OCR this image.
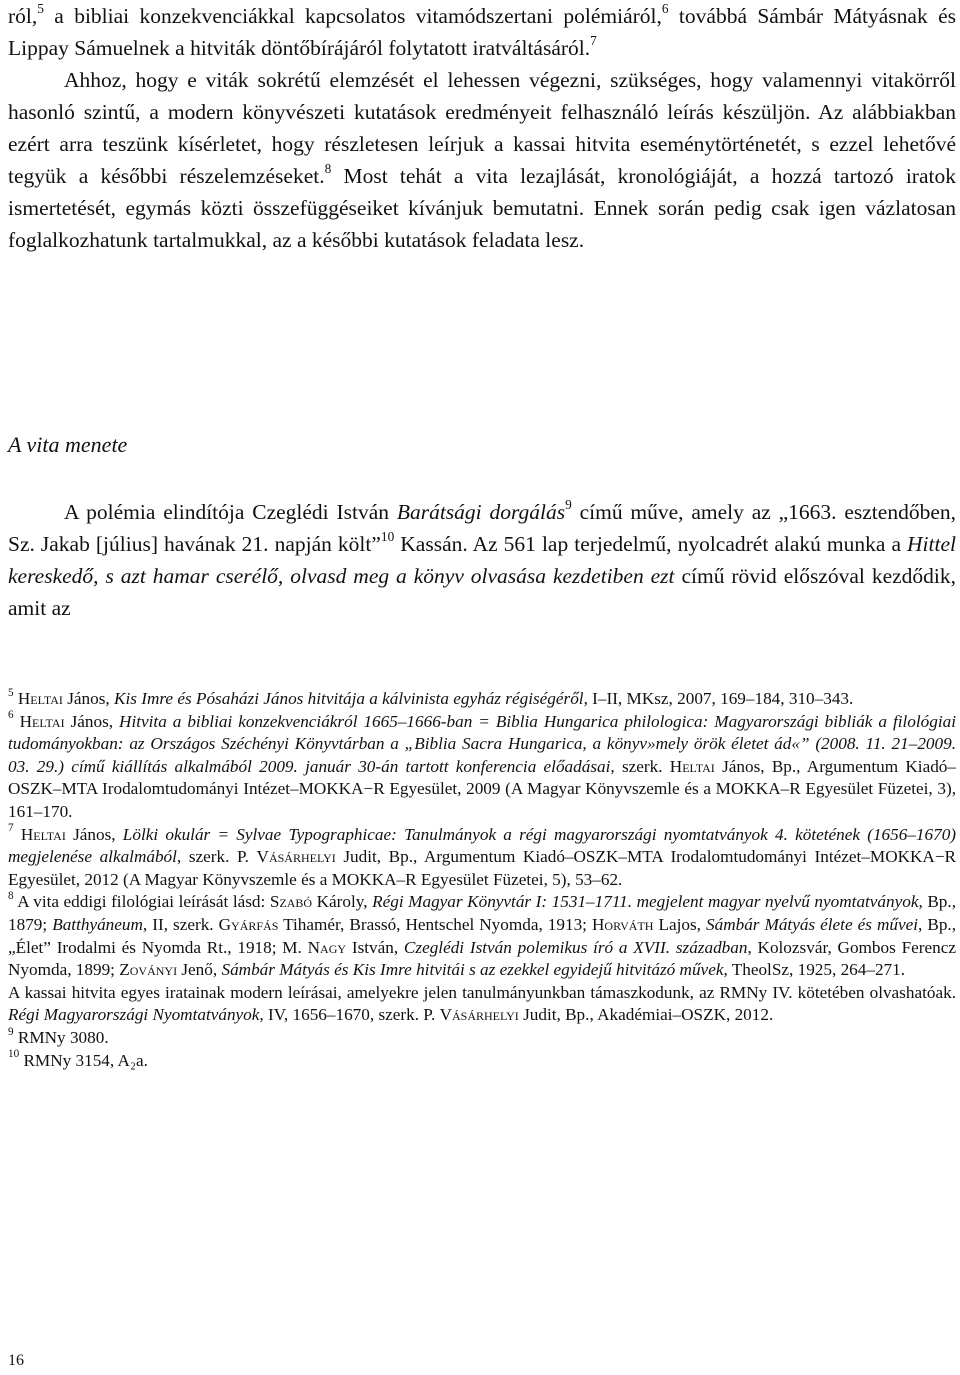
ról,$^5$ a bibliai konzekvenciákkal kapcsolatos vitamódszertani polémiáról,$^6$ továbbá Sámbár Mátyásnak és Lippay Sámuelnek a hitviták döntőbírájáról folytatott iratváltásáról.$^7$

Ahhoz, hogy e viták sokrétű elemzését el lehessen végezni, szükséges, hogy valamennyi vitakörről hasonló szintű, a modern könyvészeti kutatások eredményeit felhasználó leírás készüljön. Az alábbiakban ezért arra teszünk kísérletet, hogy részletesen leírjuk a kassai hitvita eseménytörténetét, s ezzel lehetővé tegyük a későbbi részelemzéseket.$^8$ Most tehát a vita lezajlását, kronológiáját, a hozzá tartozó iratok ismertetését, egymás közti összefüggéseiket kívánjuk bemutatni. Ennek során pedig csak igen vázlatosan foglalkozhatunk tartalmukkal, az a későbbi kutatások feladata lesz.

A vita menete

A polémia elindítója Czeglédi István Barátsági dorgálás$^9$ című műve, amely az „1663. esztendőben, Sz. Jakab [július] havának 21. napján költ”$^{10}$ Kassán. Az 561 lap terjedelmű, nyolcadrét alakú munka a Hittel kereskedő, s azt hamar cserélő, olvasd meg a könyv olvasása kezdetiben ezt című rövid előszóval kezdődik, amit az

$^5$ Heltai János, Kis Imre és Pósaházi János hitvitája a kálvinista egyház régiségéről, I–II, MKsz, 2007, 169–184, 310–343.

$^6$ Heltai János, Hitvita a bibliai konzekvenciákról 1665–1666-ban = Biblia Hungarica philologica: Magyarországi bibliák a filológiai tudományokban: az Országos Széchényi Könyvtárban a „Biblia Sacra Hungarica, a könyv»mely örök életet ád«” (2008. 11. 21–2009. 03. 29.) című kiállítás alkalmából 2009. január 30-án tartott konferencia előadásai, szerk. Heltai János, Bp., Argumentum Kiadó–OSZK–MTA Irodalomtudományi Intézet–MOKKA−R Egyesület, 2009 (A Magyar Könyvszemle és a MOKKA–R Egyesület Füzetei, 3), 161–170.

$^7$ Heltai János, Lölki okulár = Sylvae Typographicae: Tanulmányok a régi magyarországi nyomtatványok 4. kötetének (1656–1670) megjelenése alkalmából, szerk. P. Vásárhelyi Judit, Bp., Argumentum Kiadó–OSZK–MTA Irodalomtudományi Intézet–MOKKA−R Egyesület, 2012 (A Magyar Könyvszemle és a MOKKA–R Egyesület Füzetei, 5), 53–62.

$^8$ A vita eddigi filológiai leírását lásd: Szabó Károly, Régi Magyar Könyvtár I: 1531–1711. megjelent magyar nyelvű nyomtatványok, Bp., 1879; Batthyáneum, II, szerk. Gyárfás Tihamér, Brassó, Hentschel Nyomda, 1913; Horváth Lajos, Sámbár Mátyás élete és művei, Bp., „Élet” Irodalmi és Nyomda Rt., 1918; M. Nagy István, Czeglédi István polemikus író a XVII. században, Kolozsvár, Gombos Ferencz Nyomda, 1899; Zoványi Jenő, Sámbár Mátyás és Kis Imre hitvitái s az ezekkel egyidejű hitvitázó művek, TheolSz, 1925, 264–271.

A kassai hitvita egyes iratainak modern leírásai, amelyekre jelen tanulmányunkban támaszkodunk, az RMNy IV. kötetében olvashatóak. Régi Magyarországi Nyomtatványok, IV, 1656–1670, szerk. P. Vásárhelyi Judit, Bp., Akadémiai–OSZK, 2012.

$^9$ RMNy 3080.

$^{10}$ RMNy 3154, A₂a.

16
